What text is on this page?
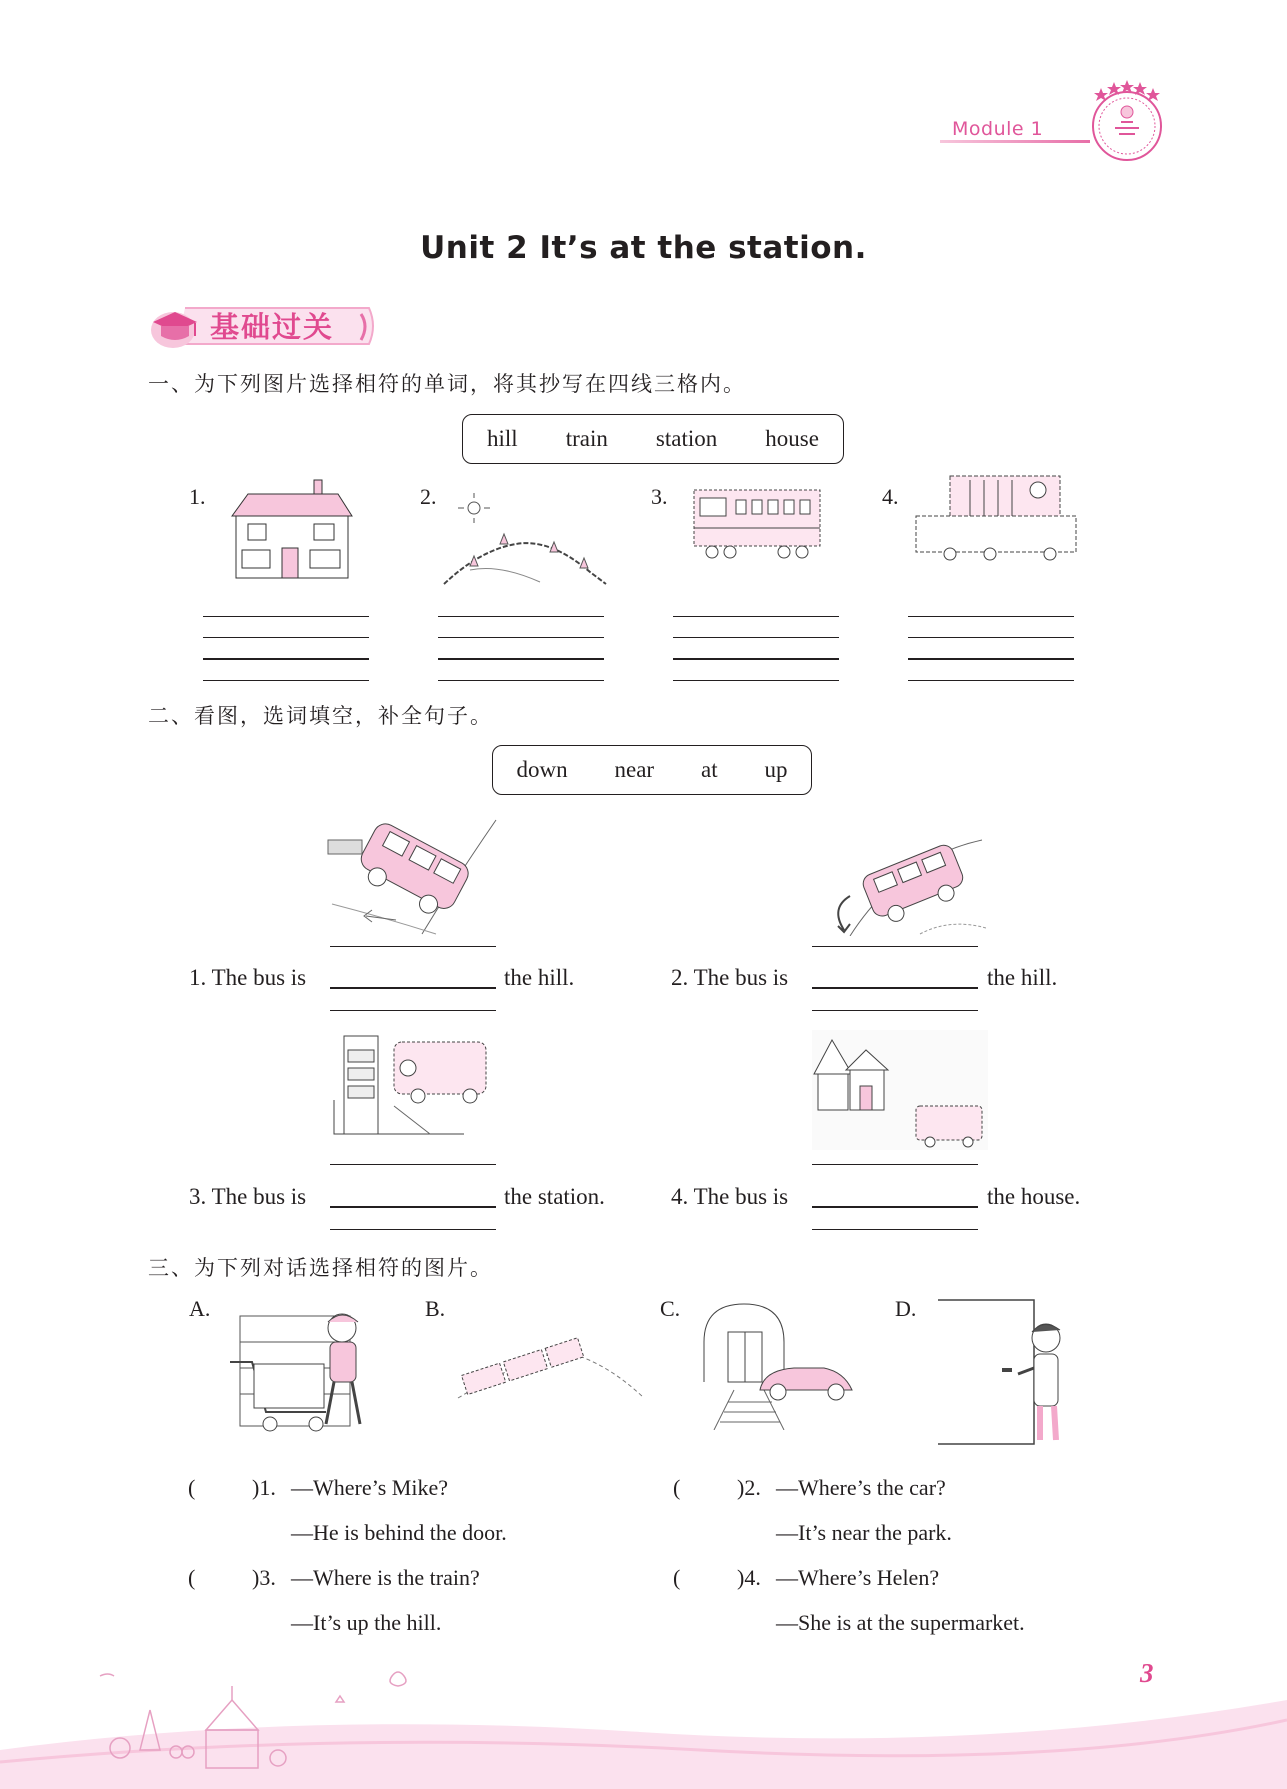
Module 1
Unit 2 It’s at the station.
基础过关
一、为下列图片选择相符的单词，将其抄写在四线三格内。
hill train station house
1.	2.	3.	4.
二、看图，选词填空，补全句子。
down near at up
1. The bus is	the hill.	2. The bus is	the hill.
3. The bus is	the station.	4. The bus is	the house.
三、为下列对话选择相符的图片。
A.	B.	C.	D.
(	)1. —Where’s Mike?
—He is behind the door.
(	)2. —Where’s the car?
—It’s near the park.
(	)3. —Where is the train?
—It’s up the hill.
(	)4. —Where’s Helen?
—She is at the supermarket.
3
